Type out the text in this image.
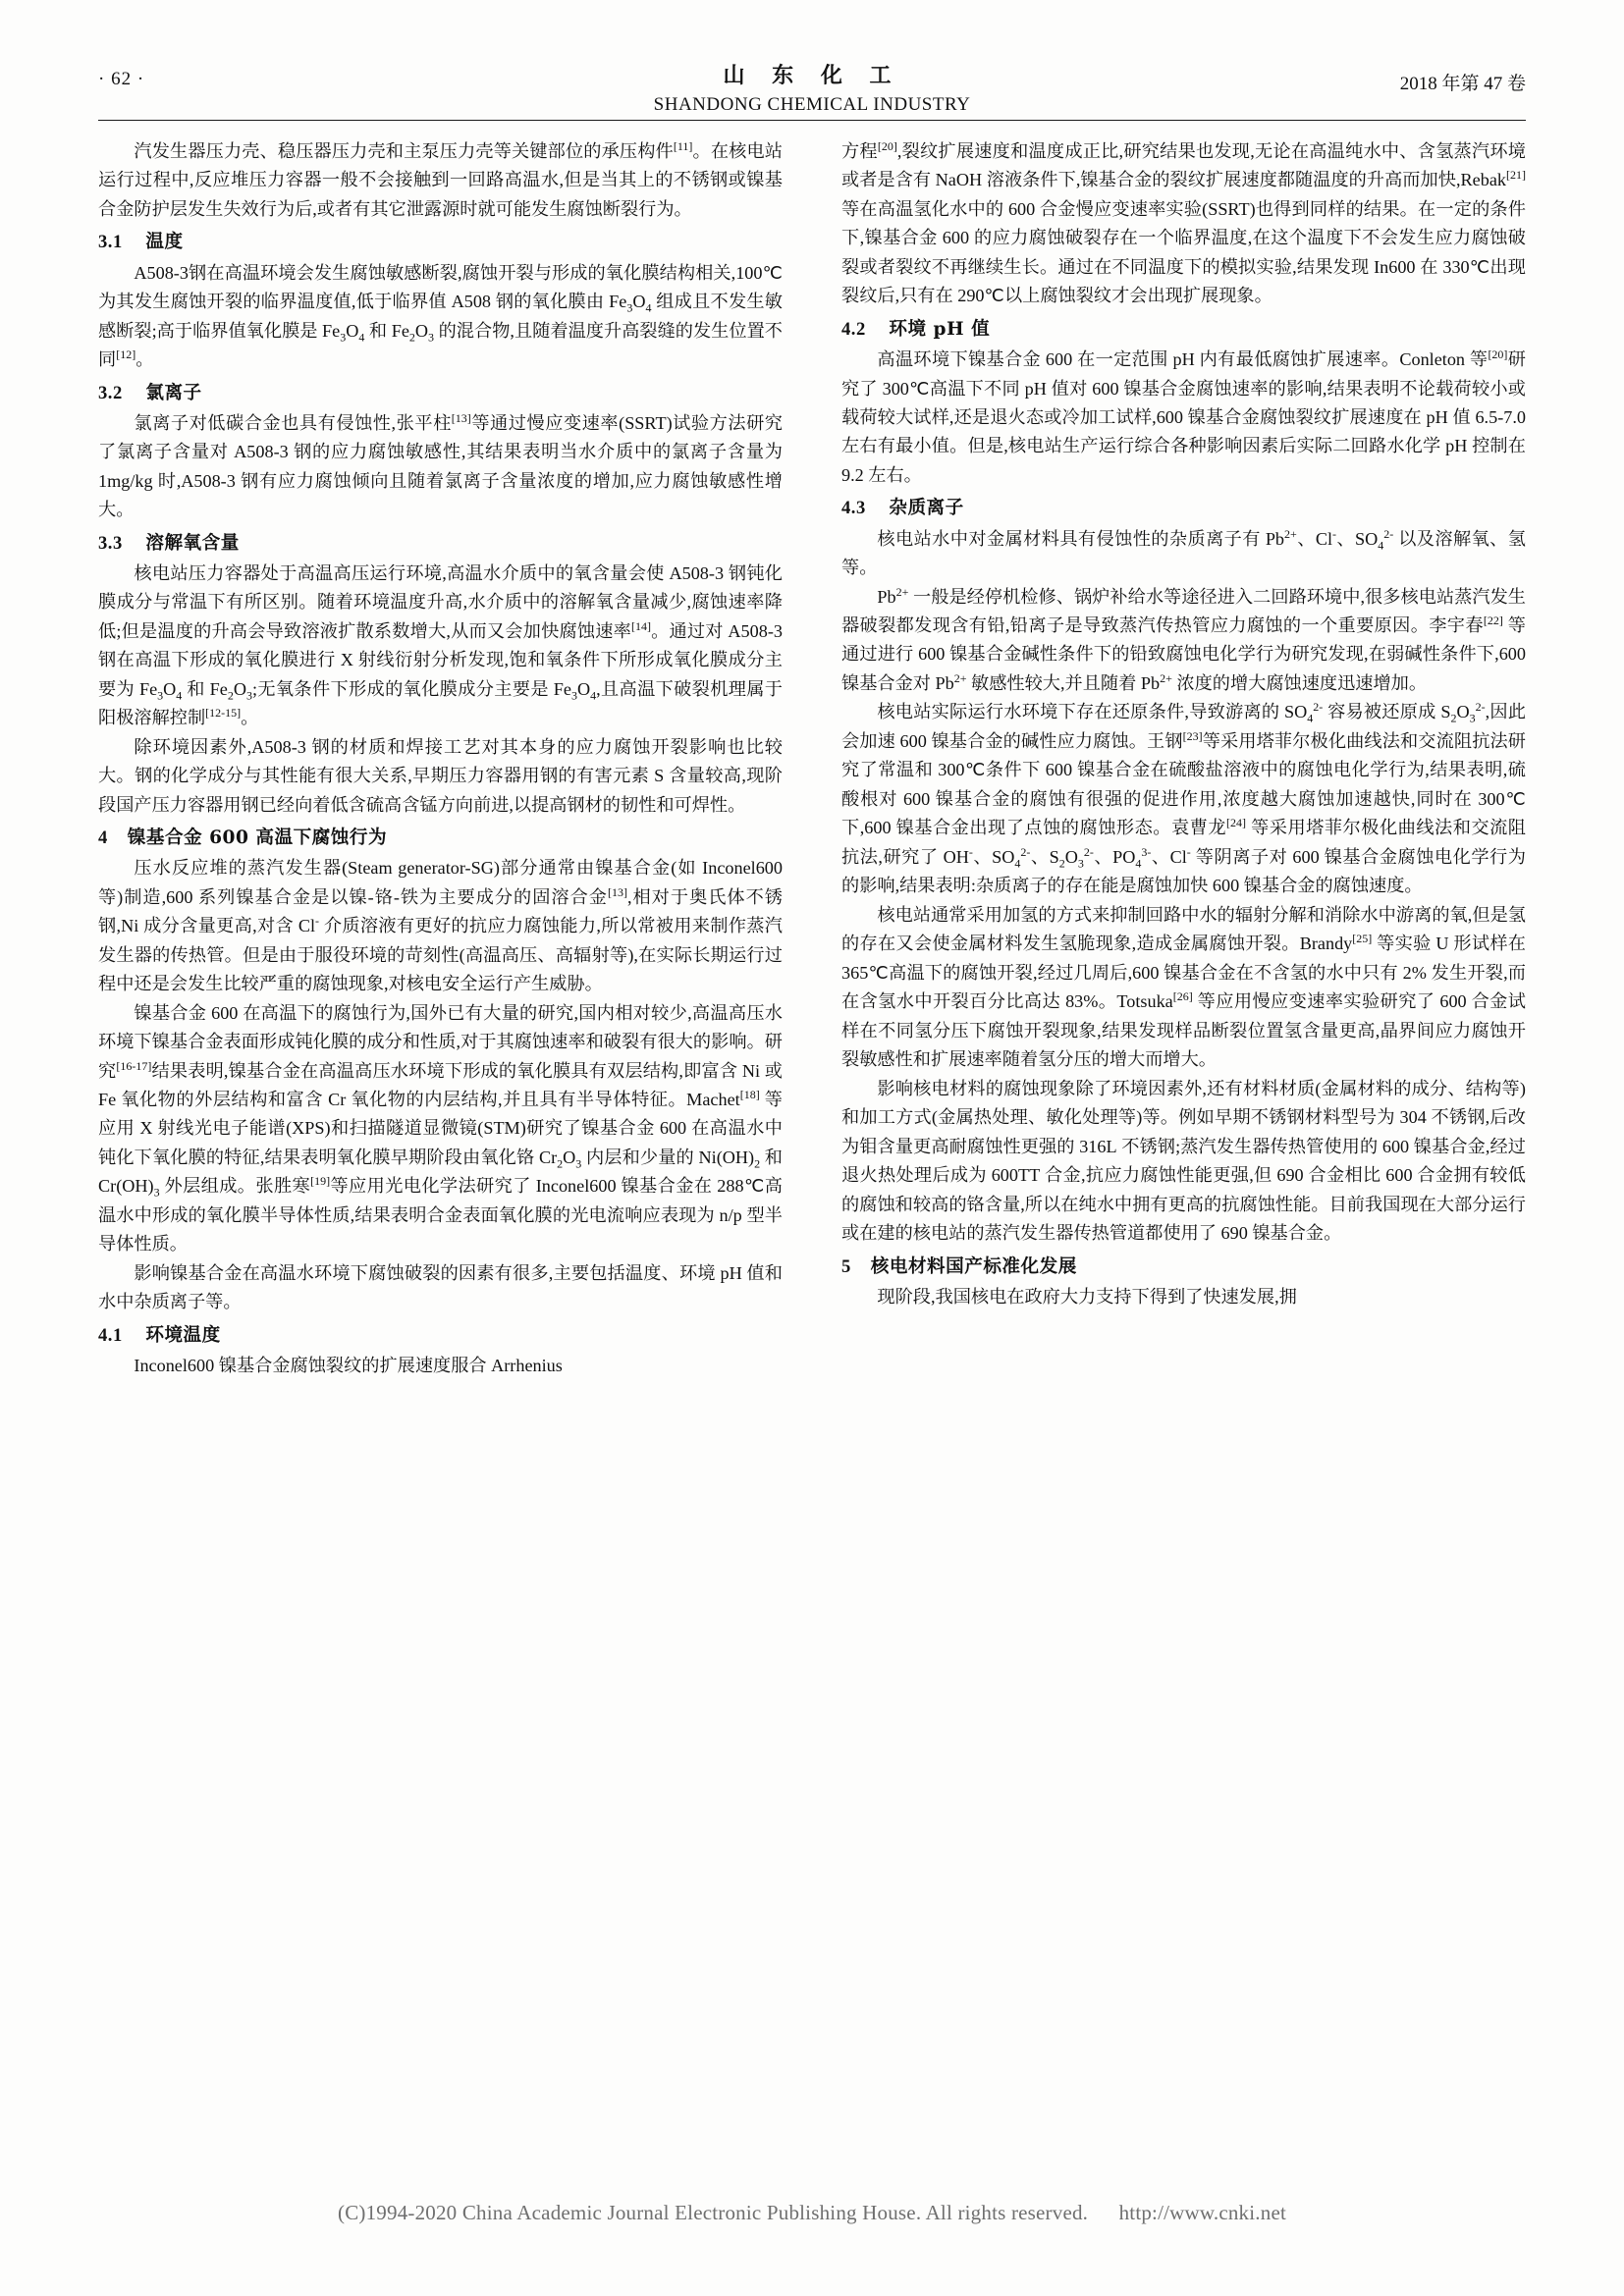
· 62 ·	山 东 化 工
SHANDONG CHEMICAL INDUSTRY
2018 年第 47 卷

汽发生器压力壳、稳压器压力壳和主泵压力壳等关键部位的承压构件[11]。在核电站运行过程中,反应堆压力容器一般不会接触到一回路高温水,但是当其上的不锈钢或镍基合金防护层发生失效行为后,或者有其它泄露源时就可能发生腐蚀断裂行为。

3.1 温度

A508-3钢在高温环境会发生腐蚀敏感断裂,腐蚀开裂与形成的氧化膜结构相关,100℃为其发生腐蚀开裂的临界温度值,低于临界值 A508 钢的氧化膜由 $Fe_3O_4$ 组成且不发生敏感断裂;高于临界值氧化膜是 $Fe_3O_4$ 和 $Fe_2O_3$ 的混合物,且随着温度升高裂缝的发生位置不同[12]。

3.2 氯离子

氯离子对低碳合金也具有侵蚀性,张平柱[13]等通过慢应变速率(SSRT)试验方法研究了氯离子含量对 A508-3 钢的应力腐蚀敏感性,其结果表明当水介质中的氯离子含量为 1mg/kg 时,A508-3 钢有应力腐蚀倾向且随着氯离子含量浓度的增加,应力腐蚀敏感性增大。

3.3 溶解氧含量

核电站压力容器处于高温高压运行环境,高温水介质中的氧含量会使 A508-3 钢钝化膜成分与常温下有所区别。随着环境温度升高,水介质中的溶解氧含量减少,腐蚀速率降低;但是温度的升高会导致溶液扩散系数增大,从而又会加快腐蚀速率[14]。通过对 A508-3 钢在高温下形成的氧化膜进行 X 射线衍射分析发现,饱和氧条件下所形成氧化膜成分主要为 $Fe_3O_4$ 和 $Fe_2O_3$;无氧条件下形成的氧化膜成分主要是 $Fe_3O_4$,且高温下破裂机理属于阳极溶解控制[12-15]。

除环境因素外,A508-3 钢的材质和焊接工艺对其本身的应力腐蚀开裂影响也比较大。钢的化学成分与其性能有很大关系,早期压力容器用钢的有害元素 S 含量较高,现阶段国产压力容器用钢已经向着低含硫高含锰方向前进,以提高钢材的韧性和可焊性。

4 镍基合金 600 高温下腐蚀行为

压水反应堆的蒸汽发生器(Steam generator-SG)部分通常由镍基合金(如 Inconel600 等)制造,600 系列镍基合金是以镍-铬-铁为主要成分的固溶合金[13],相对于奥氏体不锈钢,Ni 成分含量更高,对含 Cl- 介质溶液有更好的抗应力腐蚀能力,所以常被用来制作蒸汽发生器的传热管。但是由于服役环境的苛刻性(高温高压、高辐射等),在实际长期运行过程中还是会发生比较严重的腐蚀现象,对核电安全运行产生威胁。

镍基合金 600 在高温下的腐蚀行为,国外已有大量的研究,国内相对较少,高温高压水环境下镍基合金表面形成钝化膜的成分和性质,对于其腐蚀速率和破裂有很大的影响。研究[16-17]结果表明,镍基合金在高温高压水环境下形成的氧化膜具有双层结构,即富含 Ni 或 Fe 氧化物的外层结构和富含 Cr 氧化物的内层结构,并且具有半导体特征。Machet[18] 等应用 X 射线光电子能谱(XPS)和扫描隧道显微镜(STM)研究了镍基合金 600 在高温水中钝化下氧化膜的特征,结果表明氧化膜早期阶段由氧化铬 $Cr_2O_3$ 内层和少量的 $Ni(OH)_2$ 和 $Cr(OH)_3$ 外层组成。张胜寒[19]等应用光电化学法研究了 Inconel600 镍基合金在 288℃高温水中形成的氧化膜半导体性质,结果表明合金表面氧化膜的光电流响应表现为 n/p 型半导体性质。

影响镍基合金在高温水环境下腐蚀破裂的因素有很多,主要包括温度、环境 pH 值和水中杂质离子等。

4.1 环境温度

Inconel600 镍基合金腐蚀裂纹的扩展速度服合 Arrhenius

方程[20],裂纹扩展速度和温度成正比,研究结果也发现,无论在高温纯水中、含氢蒸汽环境或者是含有 NaOH 溶液条件下,镍基合金的裂纹扩展速度都随温度的升高而加快,Rebak[21] 等在高温氢化水中的 600 合金慢应变速率实验(SSRT)也得到同样的结果。在一定的条件下,镍基合金 600 的应力腐蚀破裂存在一个临界温度,在这个温度下不会发生应力腐蚀破裂或者裂纹不再继续生长。通过在不同温度下的模拟实验,结果发现 In600 在 330℃出现裂纹后,只有在 290℃以上腐蚀裂纹才会出现扩展现象。

4.2 环境 pH 值

高温环境下镍基合金 600 在一定范围 pH 内有最低腐蚀扩展速率。Conleton 等[20]研究了 300℃高温下不同 pH 值对 600 镍基合金腐蚀速率的影响,结果表明不论载荷较小或载荷较大试样,还是退火态或冷加工试样,600 镍基合金腐蚀裂纹扩展速度在 pH 值 6.5-7.0 左右有最小值。但是,核电站生产运行综合各种影响因素后实际二回路水化学 pH 控制在 9.2 左右。

4.3 杂质离子

核电站水中对金属材料具有侵蚀性的杂质离子有 $Pb^{2+}$、Cl-、$SO_4^{2-}$ 以及溶解氧、氢等。

$Pb^{2+}$ 一般是经停机检修、锅炉补给水等途径进入二回路环境中,很多核电站蒸汽发生器破裂都发现含有铅,铅离子是导致蒸汽传热管应力腐蚀的一个重要原因。李宇春[22] 等通过进行 600 镍基合金碱性条件下的铅致腐蚀电化学行为研究发现,在弱碱性条件下,600 镍基合金对 $Pb^{2+}$ 敏感性较大,并且随着 $Pb^{2+}$ 浓度的增大腐蚀速度迅速增加。

核电站实际运行水环境下存在还原条件,导致游离的 $SO_4^{2-}$ 容易被还原成 $S_2O_3^{2-}$,因此会加速 600 镍基合金的碱性应力腐蚀。王钢[23]等采用塔菲尔极化曲线法和交流阻抗法研究了常温和 300℃条件下 600 镍基合金在硫酸盐溶液中的腐蚀电化学行为,结果表明,硫酸根对 600 镍基合金的腐蚀有很强的促进作用,浓度越大腐蚀加速越快,同时在 300℃下,600 镍基合金出现了点蚀的腐蚀形态。袁曹龙[24] 等采用塔菲尔极化曲线法和交流阻抗法,研究了 OH-、$SO_4^{2-}$、$S_2O_3^{2-}$、$PO_4^{3-}$、Cl- 等阴离子对 600 镍基合金腐蚀电化学行为的影响,结果表明:杂质离子的存在能是腐蚀加快 600 镍基合金的腐蚀速度。

核电站通常采用加氢的方式来抑制回路中水的辐射分解和消除水中游离的氧,但是氢的存在又会使金属材料发生氢脆现象,造成金属腐蚀开裂。Brandy[25] 等实验 U 形试样在 365℃高温下的腐蚀开裂,经过几周后,600 镍基合金在不含氢的水中只有 2% 发生开裂,而在含氢水中开裂百分比高达 83%。Totsuka[26] 等应用慢应变速率实验研究了 600 合金试样在不同氢分压下腐蚀开裂现象,结果发现样品断裂位置氢含量更高,晶界间应力腐蚀开裂敏感性和扩展速率随着氢分压的增大而增大。

影响核电材料的腐蚀现象除了环境因素外,还有材料材质(金属材料的成分、结构等)和加工方式(金属热处理、敏化处理等)等。例如早期不锈钢材料型号为 304 不锈钢,后改为钼含量更高耐腐蚀性更强的 316L 不锈钢;蒸汽发生器传热管使用的 600 镍基合金,经过退火热处理后成为 600TT 合金,抗应力腐蚀性能更强,但 690 合金相比 600 合金拥有较低的腐蚀和较高的铬含量,所以在纯水中拥有更高的抗腐蚀性能。目前我国现在大部分运行或在建的核电站的蒸汽发生器传热管道都使用了 690 镍基合金。

5 核电材料国产标准化发展

现阶段,我国核电在政府大力支持下得到了快速发展,拥

(C)1994-2020 China Academic Journal Electronic Publishing House. All rights reserved. http://www.cnki.net
